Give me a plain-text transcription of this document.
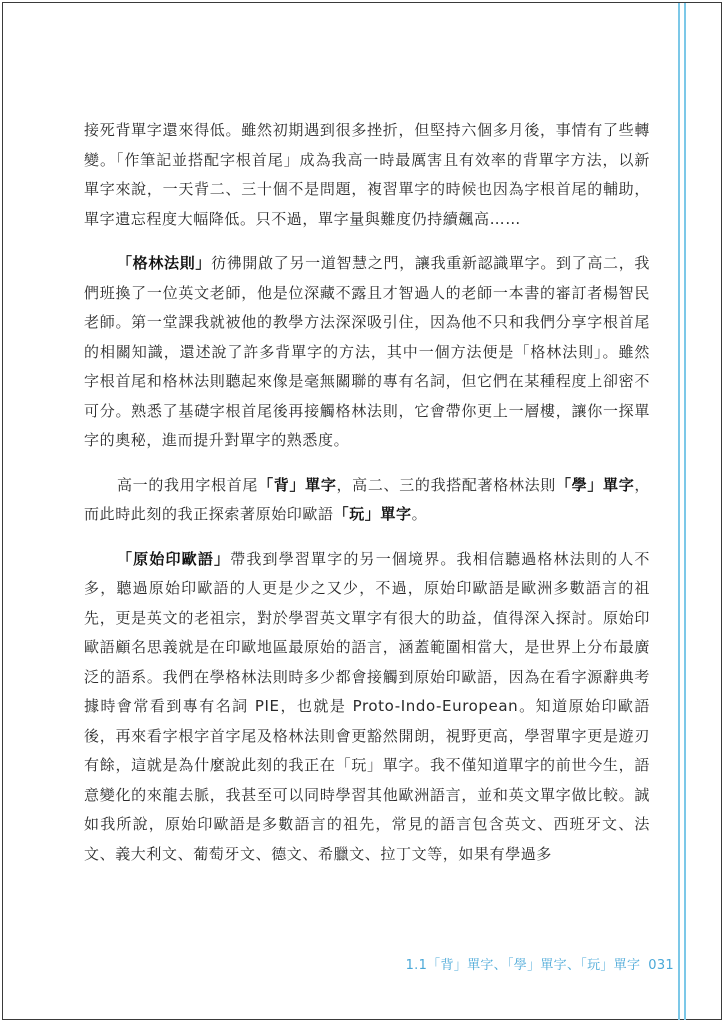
接死背單字還來得低。雖然初期遇到很多挫折，但堅持六個多月後，事情有了些轉變。「作筆記並搭配字根首尾」成為我高一時最厲害且有效率的背單字方法，以新單字來說，一天背二、三十個不是問題，複習單字的時候也因為字根首尾的輔助，單字遺忘程度大幅降低。只不過，單字量與難度仍持續飆高……

「格林法則」彷彿開啟了另一道智慧之門，讓我重新認識單字。到了高二，我們班換了一位英文老師，他是位深藏不露且才智過人的老師一本書的審訂者楊智民老師。第一堂課我就被他的教學方法深深吸引住，因為他不只和我們分享字根首尾的相關知識，還述說了許多背單字的方法，其中一個方法便是「格林法則」。雖然字根首尾和格林法則聽起來像是毫無關聯的專有名詞，但它們在某種程度上卻密不可分。熟悉了基礎字根首尾後再接觸格林法則，它會帶你更上一層樓，讓你一探單字的奧秘，進而提升對單字的熟悉度。

高一的我用字根首尾「背」單字，高二、三的我搭配著格林法則「學」單字，而此時此刻的我正探索著原始印歐語「玩」單字。

「原始印歐語」帶我到學習單字的另一個境界。我相信聽過格林法則的人不多，聽過原始印歐語的人更是少之又少，不過，原始印歐語是歐洲多數語言的祖先，更是英文的老祖宗，對於學習英文單字有很大的助益，值得深入探討。原始印歐語顧名思義就是在印歐地區最原始的語言，涵蓋範圍相當大，是世界上分布最廣泛的語系。我們在學格林法則時多少都會接觸到原始印歐語，因為在看字源辭典考據時會常看到專有名詞 PIE，也就是 Proto-Indo-European。知道原始印歐語後，再來看字根字首字尾及格林法則會更豁然開朗，視野更高，學習單字更是遊刃有餘，這就是為什麼說此刻的我正在「玩」單字。我不僅知道單字的前世今生，語意變化的來龍去脈，我甚至可以同時學習其他歐洲語言，並和英文單字做比較。誠如我所說，原始印歐語是多數語言的祖先，常見的語言包含英文、西班牙文、法文、義大利文、葡萄牙文、德文、希臘文、拉丁文等，如果有學過多

1.1「背」單字、「學」單字、「玩」單字 031
